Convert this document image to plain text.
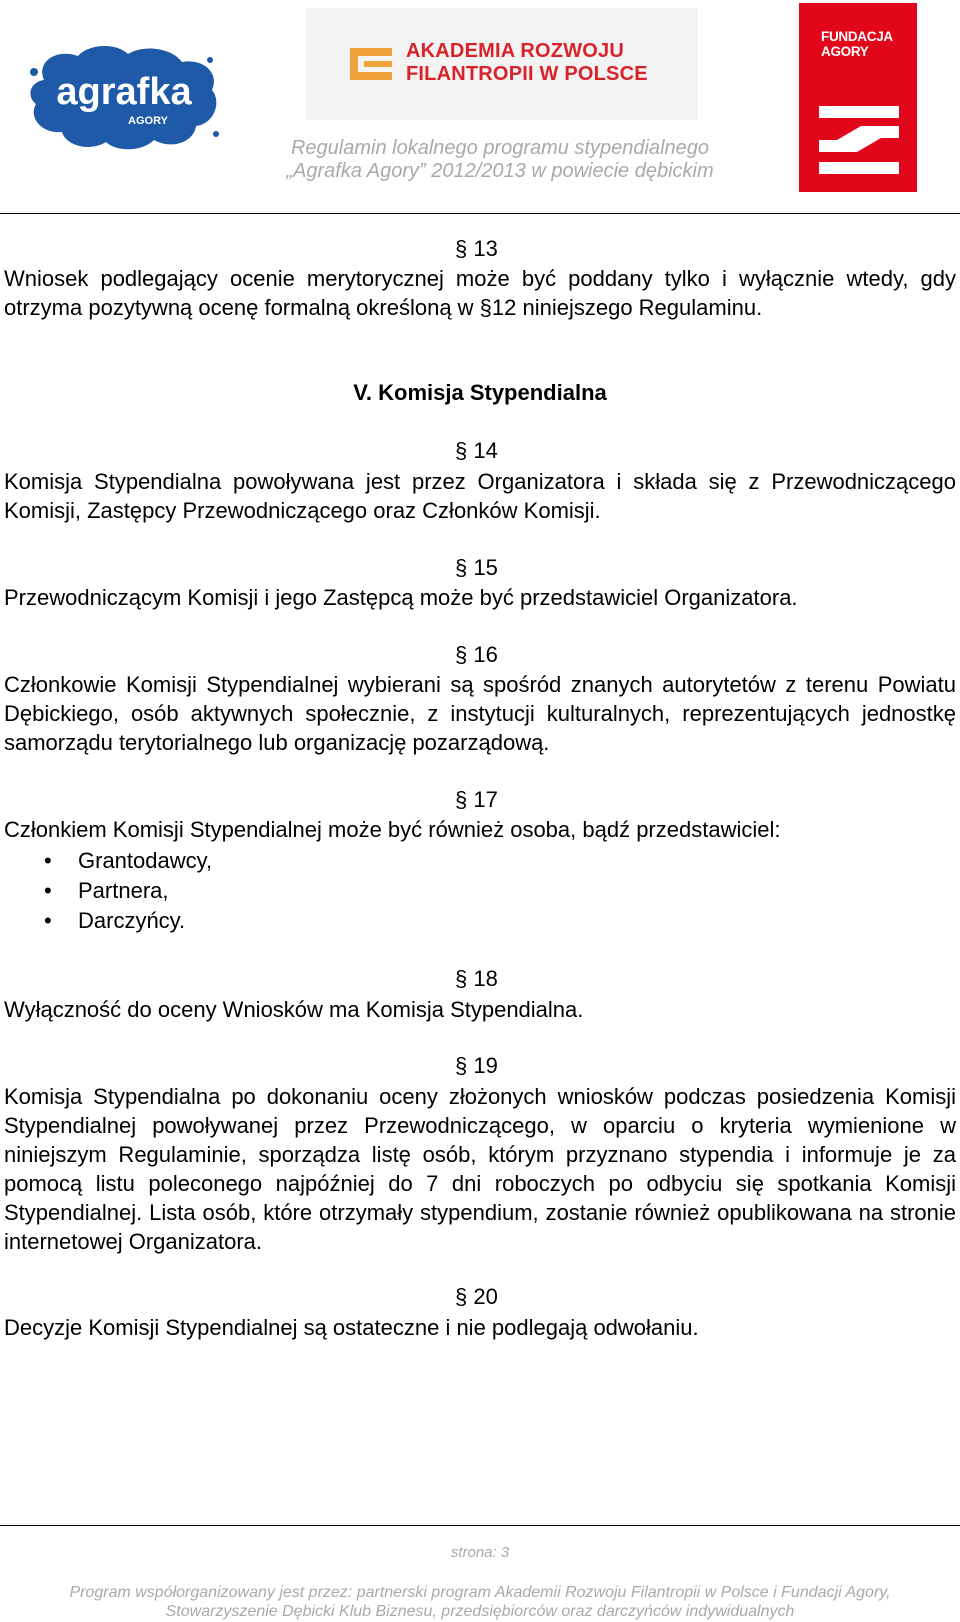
agrafka
AGORY
AKADEMIA ROZWOJU
FILANTROPII W POLSCE
FUNDACJA
AGORY
Regulamin lokalnego programu stypendialnego
„Agrafka Agory” 2012/2013 w powiecie dębickim
§ 13
Wniosek podlegający ocenie merytorycznej może być poddany tylko i wyłącznie wtedy, gdy otrzyma pozytywną ocenę formalną określoną w §12 niniejszego Regulaminu.
V. Komisja Stypendialna
§ 14
Komisja Stypendialna powoływana jest przez Organizatora i składa się z Przewodniczącego Komisji, Zastępcy Przewodniczącego oraz Członków Komisji.
§ 15
Przewodniczącym Komisji i jego Zastępcą może być przedstawiciel Organizatora.
§ 16
Członkowie Komisji Stypendialnej wybierani są spośród znanych autorytetów z terenu Powiatu Dębickiego, osób aktywnych społecznie, z instytucji kulturalnych, reprezentujących jednostkę samorządu terytorialnego lub organizację pozarządową.
§ 17
Członkiem Komisji Stypendialnej może być również osoba, bądź przedstawiciel:
• Grantodawcy,
• Partnera,
• Darczyńcy.
§ 18
Wyłączność do oceny Wniosków ma Komisja Stypendialna.
§ 19
Komisja Stypendialna po dokonaniu oceny złożonych wniosków podczas posiedzenia Komisji Stypendialnej powoływanej przez Przewodniczącego, w oparciu o kryteria wymienione w niniejszym Regulaminie, sporządza listę osób, którym przyznano stypendia i informuje je za pomocą listu poleconego najpóźniej do 7 dni roboczych po odbyciu się spotkania Komisji Stypendialnej. Lista osób, które otrzymały stypendium, zostanie również opublikowana na stronie internetowej Organizatora.
§ 20
Decyzje Komisji Stypendialnej są ostateczne i nie podlegają odwołaniu.
strona: 3
Program współorganizowany jest przez: partnerski program Akademii Rozwoju Filantropii w Polsce i Fundacji Agory,
Stowarzyszenie Dębicki Klub Biznesu, przedsiębiorców oraz darczyńców indywidualnych
